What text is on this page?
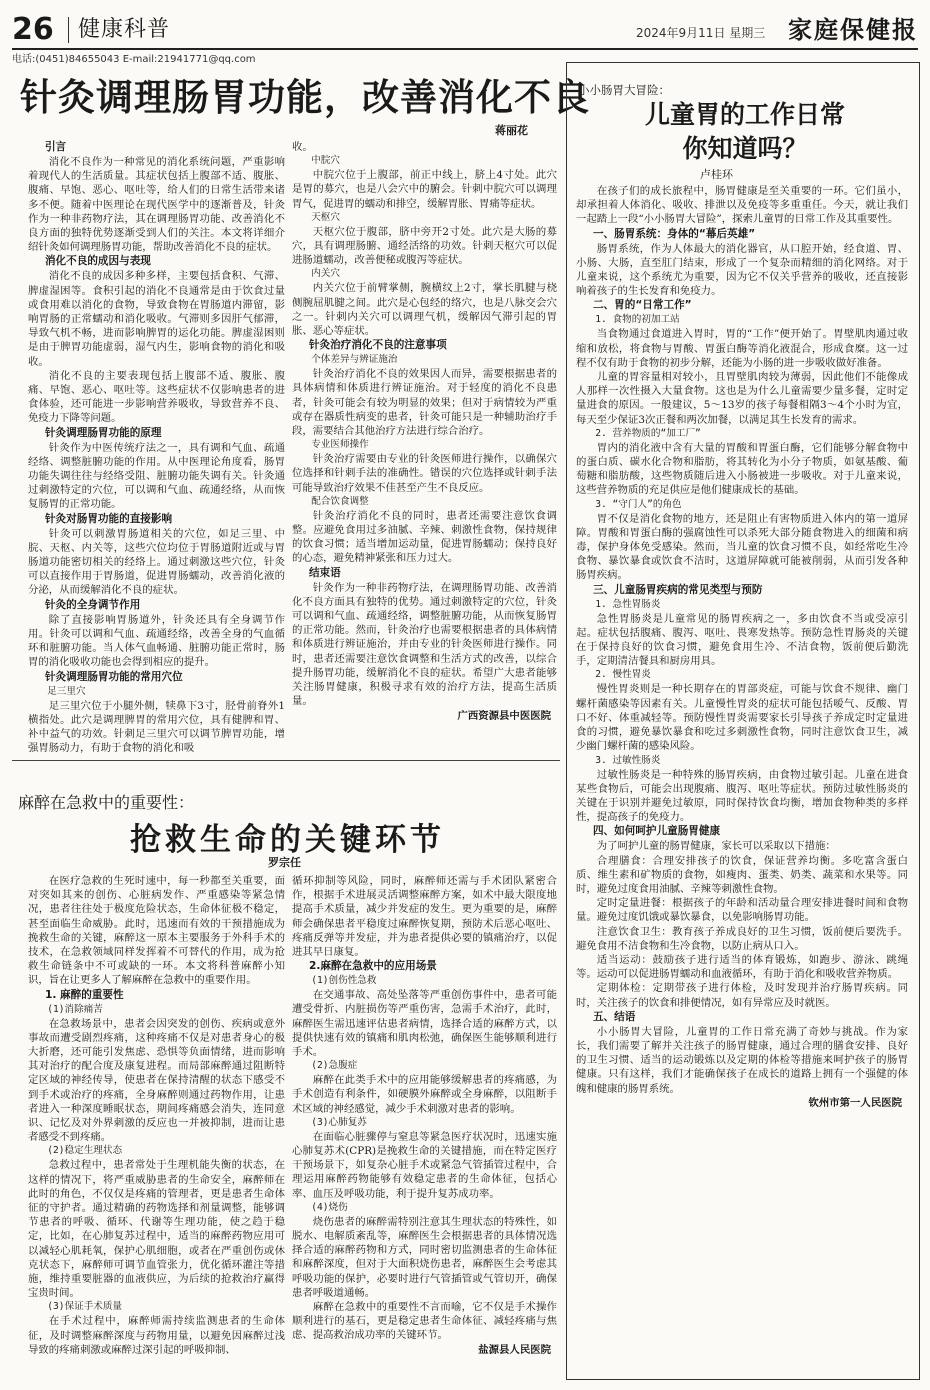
26 健康科普	2024年9月11日 星期三 家庭保健报
电话:(0451)84655043 E-mail:21941771@qq.com
针灸调理肠胃功能，改善消化不良
蒋丽花
引言

消化不良作为一种常见的消化系统问题，严重影响着现代人的生活质量。其症状包括上腹部不适、腹胀、腹痛、早饱、恶心、呕吐等，给人们的日常生活带来诸多不便。随着中医理论在现代医学中的逐渐普及，针灸作为一种非药物疗法，其在调理肠胃功能、改善消化不良方面的独特优势逐渐受到人们的关注。本文将详细介绍针灸如何调理肠胃功能，帮助改善消化不良的症状。

消化不良的成因与表现

消化不良的成因多种多样，主要包括食积、气滞、脾虚湿困等。食积引起的消化不良通常是由于饮食过量或食用难以消化的食物，导致食物在胃肠道内滞留，影响胃肠的正常蠕动和消化吸收。气滞则多因肝气郁滞，导致气机不畅，进而影响脾胃的运化功能。脾虚湿困则是由于脾胃功能虚弱，湿气内生，影响食物的消化和吸收。

消化不良的主要表现包括上腹部不适、腹胀、腹痛、早饱、恶心、呕吐等。这些症状不仅影响患者的进食体验，还可能进一步影响营养吸收，导致营养不良、免疫力下降等问题。

针灸调理肠胃功能的原理

针灸作为中医传统疗法之一，具有调和气血、疏通经络、调整脏腑功能的作用。从中医理论角度看，肠胃功能失调往往与经络受阻、脏腑功能失调有关。针灸通过刺激特定的穴位，可以调和气血、疏通经络，从而恢复肠胃的正常功能。

针灸对肠胃功能的直接影响

针灸可以刺激胃肠道相关的穴位，如足三里、中脘、天枢、内关等，这些穴位均位于胃肠道附近或与胃肠道功能密切相关的经络上。通过刺激这些穴位，针灸可以直接作用于胃肠道，促进胃肠蠕动，改善消化液的分泌，从而缓解消化不良的症状。

针灸的全身调节作用

除了直接影响胃肠道外，针灸还具有全身调节作用。针灸可以调和气血、疏通经络，改善全身的气血循环和脏腑功能。当人体气血畅通、脏腑功能正常时，肠胃的消化吸收功能也会得到相应的提升。

针灸调理肠胃功能的常用穴位
足三里穴

足三里穴位于小腿外侧，犊鼻下3寸，胫骨前脊外1横指处。此穴是调理脾胃的常用穴位，具有健脾和胃、补中益气的功效。针刺足三里穴可以调节脾胃功能，增强胃肠动力，有助于食物的消化和吸

收。

中脘穴

中脘穴位于上腹部，前正中线上，脐上4寸处。此穴是胃的募穴，也是八会穴中的腑会。针刺中脘穴可以调理胃气，促进胃的蠕动和排空，缓解胃胀、胃痛等症状。

天枢穴

天枢穴位于腹部，脐中旁开2寸处。此穴是大肠的募穴，具有调理肠腑、通经活络的功效。针刺天枢穴可以促进肠道蠕动，改善便秘或腹泻等症状。

内关穴

内关穴位于前臂掌侧，腕横纹上2寸，掌长肌腱与桡侧腕屈肌腱之间。此穴是心包经的络穴，也是八脉交会穴之一。针刺内关穴可以调理气机，缓解因气滞引起的胃胀、恶心等症状。

针灸治疗消化不良的注意事项
个体差异与辨证施治

针灸治疗消化不良的效果因人而异，需要根据患者的具体病情和体质进行辨证施治。对于轻度的消化不良患者，针灸可能会有较为明显的效果；但对于病情较为严重或存在器质性病变的患者，针灸可能只是一种辅助治疗手段，需要结合其他治疗方法进行综合治疗。

专业医师操作

针灸治疗需要由专业的针灸医师进行操作，以确保穴位选择和针刺手法的准确性。错误的穴位选择或针刺手法可能导致治疗效果不佳甚至产生不良反应。

配合饮食调整

针灸治疗消化不良的同时，患者还需要注意饮食调整。应避免食用过多油腻、辛辣、刺激性食物，保持规律的饮食习惯；适当增加运动量，促进胃肠蠕动；保持良好的心态，避免精神紧张和压力过大。

结束语

针灸作为一种非药物疗法，在调理肠胃功能、改善消化不良方面具有独特的优势。通过刺激特定的穴位，针灸可以调和气血、疏通经络，调整脏腑功能，从而恢复肠胃的正常功能。然而，针灸治疗也需要根据患者的具体病情和体质进行辨证施治，并由专业的针灸医师进行操作。同时，患者还需要注意饮食调整和生活方式的改善，以综合提升肠胃功能，缓解消化不良的症状。希望广大患者能够关注肠胃健康，积极寻求有效的治疗方法，提高生活质量。

广西资源县中医医院

麻醉在急救中的重要性：
抢救生命的关键环节
罗宗任

在医疗急救的生死时速中，每一秒都至关重要，面对突如其来的创伤、心脏病发作、严重感染等紧急情况，患者往往处于极度危险状态，生命体征极不稳定，甚至面临生命威胁。此时，迅速而有效的干预措施成为挽救生命的关键，麻醉这一原本主要服务于外科手术的技术，在急救领域同样发挥着不可替代的作用，成为抢救生命链条中不可或缺的一环。本文将科普麻醉小知识，旨在让更多人了解麻醉在急救中的重要作用。

1. 麻醉的重要性
(1)消除痛苦

在急救场景中，患者会因突发的创伤、疾病或意外事故而遭受剧烈疼痛，这种疼痛不仅是对患者身心的极大折磨，还可能引发焦虑、恐惧等负面情绪，进而影响其对治疗的配合度及康复进程。而局部麻醉通过阻断特定区域的神经传导，使患者在保持清醒的状态下感受不到手术或治疗的疼痛，全身麻醉则通过药物作用，让患者进入一种深度睡眠状态，期间疼痛感会消失，连同意识、记忆及对外界刺激的反应也一并被抑制，进而让患者感受不到疼痛。

(2)稳定生理状态

急救过程中，患者常处于生理机能失衡的状态，在这样的情况下，将严重威胁患者的生命安全，麻醉师在此时的角色，不仅仅是疼痛的管理者，更是患者生命体征的守护者。通过精确的药物选择和剂量调整，能够调节患者的呼吸、循环、代谢等生理功能，使之趋于稳定，比如，在心肺复苏过程中，适当的麻醉药物应用可以减轻心肌耗氧，保护心肌细胞，或者在严重创伤或休克状态下，麻醉师可调节血管张力，优化循环灌注等措施，维持重要脏器的血液供应，为后续的抢救治疗赢得宝贵时间。

(3)保证手术质量

在手术过程中，麻醉师需持续监测患者的生命体征，及时调整麻醉深度与药物用量，以避免因麻醉过浅导致的疼痛刺激或麻醉过深引起的呼吸抑制、

循环抑制等风险，同时，麻醉师还需与手术团队紧密合作，根据手术进展灵活调整麻醉方案，如术中最大限度地提高手术质量，减少并发症的发生。更为重要的是，麻醉师会确保患者平稳度过麻醉恢复期，预防术后恶心呕吐、疼痛反弹等并发症，并为患者提供必要的镇痛治疗，以促进其早日康复。

2.麻醉在急救中的应用场景
(1)创伤性急救

在交通事故、高处坠落等严重创伤事件中，患者可能遭受骨折、内脏损伤等严重伤害，急需手术治疗，此时，麻醉医生需迅速评估患者病情，选择合适的麻醉方式，以提供快速有效的镇痛和肌肉松弛，确保医生能够顺利进行手术。

(2)急腹症

麻醉在此类手术中的应用能够缓解患者的疼痛感，为手术创造有利条件，如硬膜外麻醉或全身麻醉，以阻断手术区域的神经感觉，减少手术刺激对患者的影响。

(3)心肺复苏

在面临心脏骤停与窒息等紧急医疗状况时，迅速实施心肺复苏术(CPR)是挽救生命的关键措施，而在特定医疗干预场景下，如复杂心脏手术或紧急气管插管过程中，合理运用麻醉药物能够有效稳定患者的生命体征，包括心率、血压及呼吸功能，利于提升复苏成功率。

(4)烧伤

烧伤患者的麻醉需特别注意其生理状态的特殊性，如脱水、电解质紊乱等，麻醉医生会根据患者的具体情况选择合适的麻醉药物和方式，同时密切监测患者的生命体征和麻醉深度，但对于大面积烧伤患者，麻醉医生会考虑其呼吸功能的保护，必要时进行气管插管或气管切开，确保患者呼吸道通畅。

麻醉在急救中的重要性不言而喻，它不仅是手术操作顺利进行的基石，更是稳定患者生命体征、减轻疼痛与焦虑、提高救治成功率的关键环节。

盐源县人民医院

小小肠胃大冒险：
儿童胃的工作日常
你知道吗？
卢桂环

在孩子们的成长旅程中，肠胃健康是至关重要的一环。它们虽小，却承担着人体消化、吸收、排泄以及免疫等多重重任。今天，就让我们一起踏上一段“小小肠胃大冒险”，探索儿童胃的日常工作及其重要性。

一、肠胃系统：身体的“幕后英雄”

肠胃系统，作为人体最大的消化器官，从口腔开始，经食道、胃、小肠、大肠，直至肛门结束，形成了一个复杂而精细的消化网络。对于儿童来说，这个系统尤为重要，因为它不仅关乎营养的吸收，还直接影响着孩子的生长发育和免疫力。

二、胃的“日常工作”
1. 食物的初加工站

当食物通过食道进入胃时，胃的“工作”便开始了。胃壁肌肉通过收缩和放松，将食物与胃酸、胃蛋白酶等消化液混合，形成食糜。这一过程不仅有助于食物的初步分解，还能为小肠的进一步吸收做好准备。

儿童的胃容量相对较小，且胃壁肌肉较为薄弱，因此他们不能像成人那样一次性摄入大量食物。这也是为什么儿童需要少量多餐，定时定量进食的原因。一般建议，5～13岁的孩子每餐相隔3～4个小时为宜，每天至少保证3次正餐和两次加餐，以满足其生长发育的需求。

2. 营养物质的“加工厂”

胃内的消化液中含有大量的胃酸和胃蛋白酶，它们能够分解食物中的蛋白质、碳水化合物和脂肪，将其转化为小分子物质，如氨基酸、葡萄糖和脂肪酸，这些物质随后进入小肠被进一步吸收。对于儿童来说，这些营养物质的充足供应是他们健康成长的基础。

3. “守门人”的角色

胃不仅是消化食物的地方，还是阻止有害物质进入体内的第一道屏障。胃酸和胃蛋白酶的强腐蚀性可以杀死大部分随食物进入的细菌和病毒，保护身体免受感染。然而，当儿童的饮食习惯不良，如经常吃生冷食物、暴饮暴食或饮食不洁时，这道屏障就可能被削弱，从而引发各种肠胃疾病。

三、儿童肠胃疾病的常见类型与预防
1. 急性胃肠炎

急性胃肠炎是儿童常见的肠胃疾病之一，多由饮食不当或受凉引起。症状包括腹痛、腹泻、呕吐、畏寒发热等。预防急性胃肠炎的关键在于保持良好的饮食习惯，避免食用生冷、不洁食物，饭前便后勤洗手，定期清洁餐具和厨房用具。

2. 慢性胃炎

慢性胃炎则是一种长期存在的胃部炎症，可能与饮食不规律、幽门螺杆菌感染等因素有关。儿童慢性胃炎的症状可能包括嗳气、反酸、胃口不好、体重减轻等。预防慢性胃炎需要家长引导孩子养成定时定量进食的习惯，避免暴饮暴食和吃过多刺激性食物，同时注意饮食卫生，减少幽门螺杆菌的感染风险。

3. 过敏性肠炎

过敏性肠炎是一种特殊的肠胃疾病，由食物过敏引起。儿童在进食某些食物后，可能会出现腹痛、腹泻、呕吐等症状。预防过敏性肠炎的关键在于识别并避免过敏原，同时保持饮食均衡，增加食物种类的多样性，提高孩子的免疫力。

四、如何呵护儿童肠胃健康

为了呵护儿童的肠胃健康，家长可以采取以下措施：

合理膳食：合理安排孩子的饮食，保证营养均衡。多吃富含蛋白质、维生素和矿物质的食物，如瘦肉、蛋类、奶类、蔬菜和水果等。同时，避免过度食用油腻、辛辣等刺激性食物。

定时定量进餐：根据孩子的年龄和活动量合理安排进餐时间和食物量。避免过度饥饿或暴饮暴食，以免影响肠胃功能。

注意饮食卫生：教育孩子养成良好的卫生习惯，饭前便后要洗手。避免食用不洁食物和生冷食物，以防止病从口入。

适当运动：鼓励孩子进行适当的体育锻炼，如跑步、游泳、跳绳等。运动可以促进肠胃蠕动和血液循环，有助于消化和吸收营养物质。

定期体检：定期带孩子进行体检，及时发现并治疗肠胃疾病。同时，关注孩子的饮食和排便情况，如有异常应及时就医。

五、结语

小小肠胃大冒险，儿童胃的工作日常充满了奇妙与挑战。作为家长，我们需要了解并关注孩子的肠胃健康，通过合理的膳食安排、良好的卫生习惯、适当的运动锻炼以及定期的体检等措施来呵护孩子的肠胃健康。只有这样，我们才能确保孩子在成长的道路上拥有一个强健的体魄和健康的肠胃系统。

钦州市第一人民医院
